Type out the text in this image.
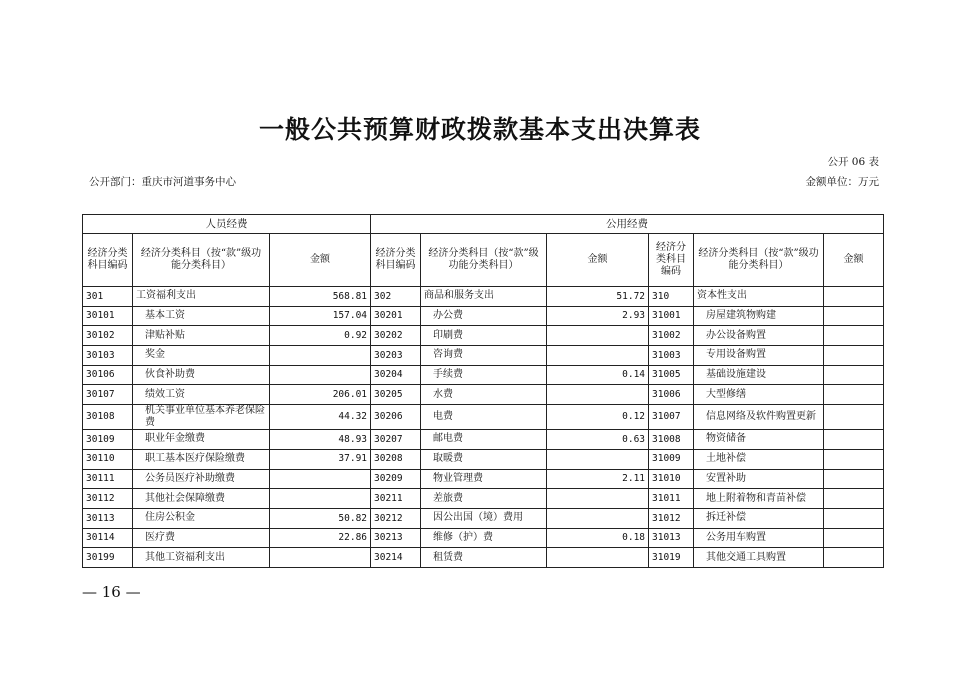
一般公共预算财政拨款基本支出决算表
公开 06 表
公开部门：重庆市河道事务中心	金额单位：万元
人员经费			公用经费					
经济分类科目编码	经济分类科目（按“款”级功能分类科目）	金额	经济分类科目编码	经济分类科目（按“款”级功能分类科目）	金额	经济分类科目编码	经济分类科目（按“款”级功能分类科目）	金额
301	工资福利支出	568.81	302	商品和服务支出	51.72	310	资本性支出	
30101	基本工资	157.04	30201	办公费	2.93	31001	房屋建筑物购建	
30102	津贴补贴	0.92	30202	印刷费		31002	办公设备购置	
30103	奖金		30203	咨询费		31003	专用设备购置	
30106	伙食补助费		30204	手续费	0.14	31005	基础设施建设	
30107	绩效工资	206.01	30205	水费		31006	大型修缮	
30108	机关事业单位基本养老保险费	44.32	30206	电费	0.12	31007	信息网络及软件购置更新	
30109	职业年金缴费	48.93	30207	邮电费	0.63	31008	物资储备	
30110	职工基本医疗保险缴费	37.91	30208	取暖费		31009	土地补偿	
30111	公务员医疗补助缴费		30209	物业管理费	2.11	31010	安置补助	
30112	其他社会保障缴费		30211	差旅费		31011	地上附着物和青苗补偿	
30113	住房公积金	50.82	30212	因公出国（境）费用		31012	拆迁补偿	
30114	医疗费	22.86	30213	维修（护）费	0.18	31013	公务用车购置	
30199	其他工资福利支出		30214	租赁费		31019	其他交通工具购置	
— 16 —
